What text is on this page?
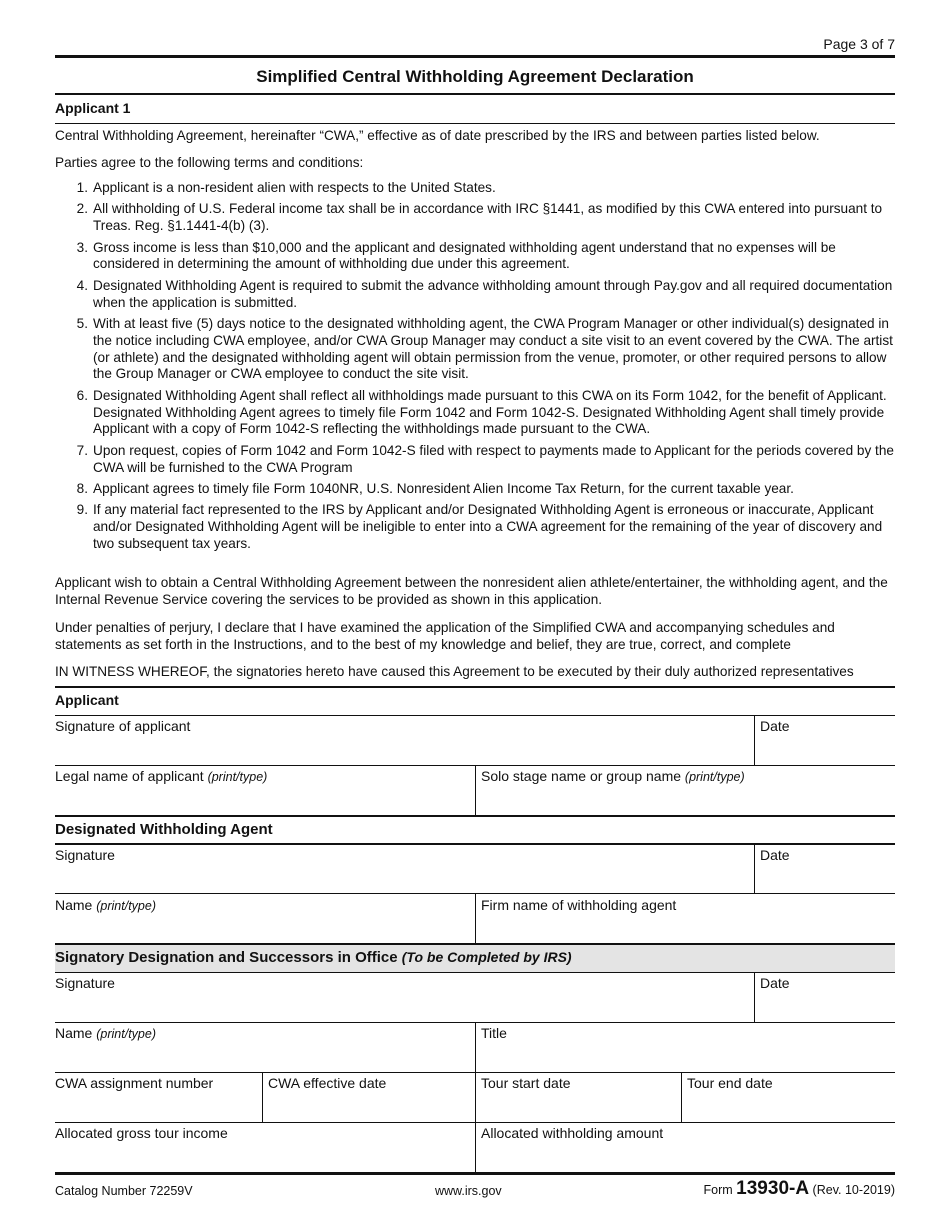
Page 3 of 7
Simplified Central Withholding Agreement Declaration
Applicant 1
Central Withholding Agreement, hereinafter “CWA,” effective as of date prescribed by the IRS and between parties listed below.
Parties agree to the following terms and conditions:
1 . Applicant is a non-resident alien with respects to the United States.
2 . All withholding of U.S. Federal income tax shall be in accordance with IRC §1441, as modified by this CWA entered into pursuant to Treas. Reg. §1.1441-4(b) (3).
3 . Gross income is less than $10,000 and the applicant and designated withholding agent understand that no expenses will be considered in determining the amount of withholding due under this agreement.
4 . Designated Withholding Agent is required to submit the advance withholding amount through Pay.gov and all required documentation when the application is submitted.
5 . With at least five (5) days notice to the designated withholding agent, the CWA Program Manager or other individual(s) designated in the notice including CWA employee, and/or CWA Group Manager may conduct a site visit to an event covered by the CWA. The artist (or athlete) and the designated withholding agent will obtain permission from the venue, promoter, or other required persons to allow the Group Manager or CWA employee to conduct the site visit.
6 . Designated Withholding Agent shall reflect all withholdings made pursuant to this CWA on its Form 1042, for the benefit of Applicant. Designated Withholding Agent agrees to timely file Form 1042 and Form 1042-S. Designated Withholding Agent shall timely provide Applicant with a copy of Form 1042-S reflecting the withholdings made pursuant to the CWA.
7 . Upon request, copies of Form 1042 and Form 1042-S filed with respect to payments made to Applicant for the periods covered by the CWA will be furnished to the CWA Program
8 . Applicant agrees to timely file Form 1040NR, U.S. Nonresident Alien Income Tax Return, for the current taxable year.
9 . If any material fact represented to the IRS by Applicant and/or Designated Withholding Agent is erroneous or inaccurate, Applicant and/or Designated Withholding Agent will be ineligible to enter into a CWA agreement for the remaining of the year of discovery and two subsequent tax years.
Applicant wish to obtain a Central Withholding Agreement between the nonresident alien athlete/entertainer, the withholding agent, and the Internal Revenue Service covering the services to be provided as shown in this application.
Under penalties of perjury, I declare that I have examined the application of the Simplified CWA and accompanying schedules and statements as set forth in the Instructions, and to the best of my knowledge and belief, they are true, correct, and complete
IN WITNESS WHEREOF, the signatories hereto have caused this Agreement to be executed by their duly authorized representatives
Applicant
Signature of applicant	Date
Legal name of applicant (print/type)	Solo stage name or group name (print/type)
Designated Withholding Agent
Signature	Date
Name (print/type)	Firm name of withholding agent
Signatory Designation and Successors in Office (To be Completed by IRS)
Signature	Date
Name (print/type)	Title
CWA assignment number	CWA effective date	Tour start date	Tour end date
Allocated gross tour income	Allocated withholding amount
Catalog Number 72259V	www.irs.gov	Form 13930-A (Rev. 10-2019)
